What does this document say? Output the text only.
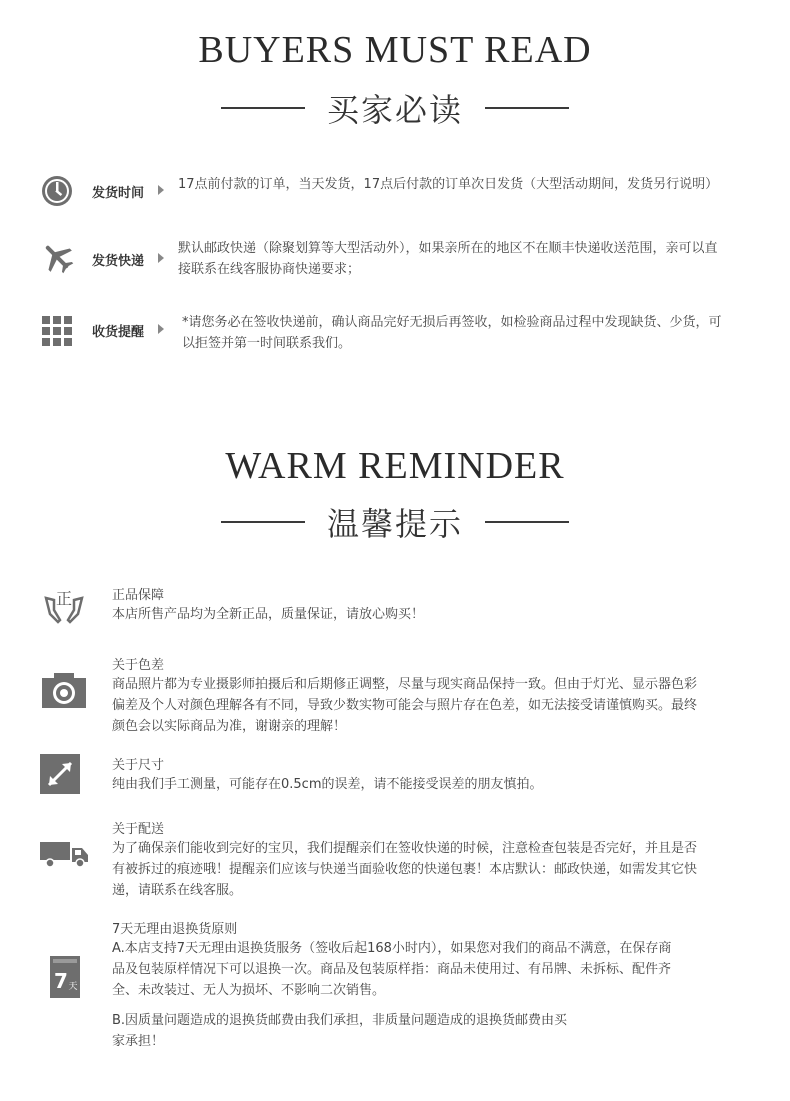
BUYERS MUST READ
买家必读
发货时间
17点前付款的订单，当天发货，17点后付款的订单次日发货（大型活动期间，发货另行说明）
发货快递
默认邮政快递（除聚划算等大型活动外），如果亲所在的地区不在顺丰快递收送范围，亲可以直接联系在线客服协商快递要求；
收货提醒
*请您务必在签收快递前，确认商品完好无损后再签收，如检验商品过程中发现缺货、少货，可以拒签并第一时间联系我们。
WARM REMINDER
温馨提示
正	正品保障
本店所售产品均为全新正品，质量保证，请放心购买！
关于色差
商品照片都为专业摄影师拍摄后和后期修正调整，尽量与现实商品保持一致。但由于灯光、显示器色彩偏差及个人对颜色理解各有不同，导致少数实物可能会与照片存在色差，如无法接受请谨慎购买。最终颜色会以实际商品为准，谢谢亲的理解！
关于尺寸
纯由我们手工测量，可能存在0.5cm的误差，请不能接受误差的朋友慎拍。
关于配送
为了确保亲们能收到完好的宝贝，我们提醒亲们在签收快递的时候，注意检查包装是否完好，并且是否有被拆过的痕迹哦！提醒亲们应该与快递当面验收您的快递包裹！本店默认：邮政快递，如需发其它快递，请联系在线客服。
7 天
7天无理由退换货原则
A.本店支持7天无理由退换货服务（签收后起168小时内），如果您对我们的商品不满意，在保存商品及包装原样情况下可以退换一次。商品及包装原样指：商品未使用过、有吊牌、未拆标、配件齐全、未改装过、无人为损坏、不影响二次销售。
B.因质量问题造成的退换货邮费由我们承担，非质量问题造成的退换货邮费由买家承担！
